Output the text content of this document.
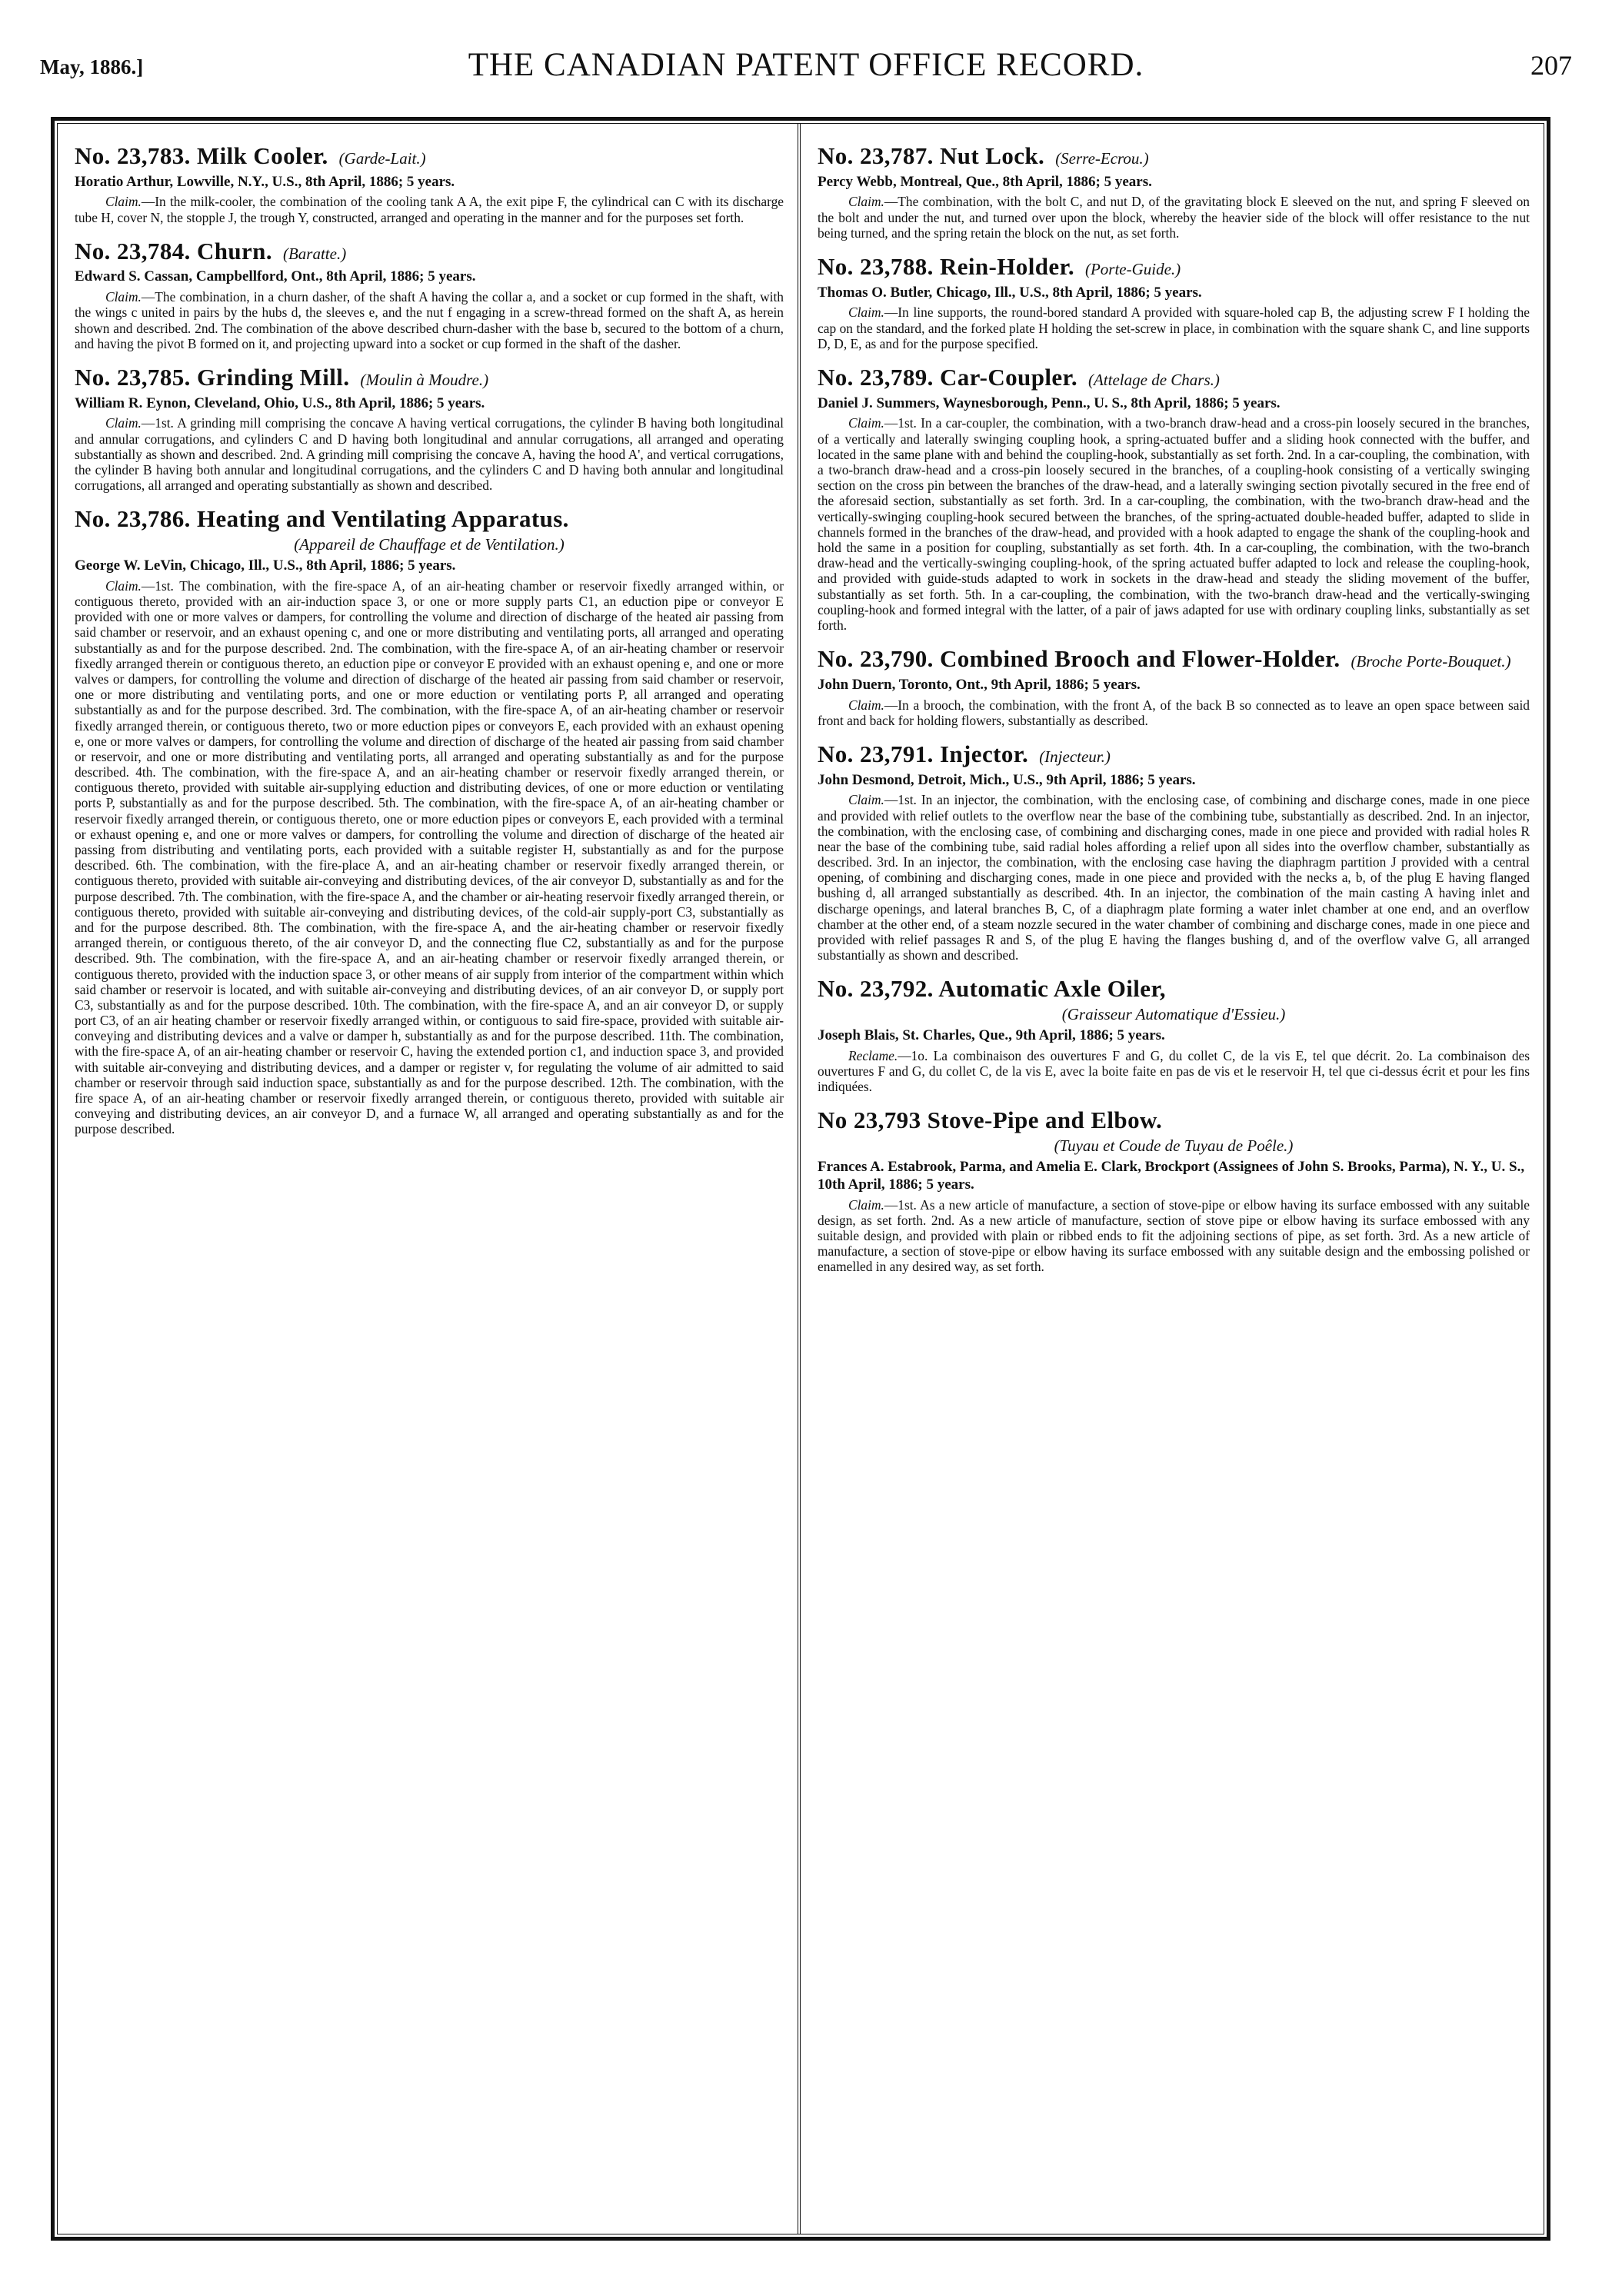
May, 1886.]	THE CANADIAN PATENT OFFICE RECORD.	207
No. 23,783. Milk Cooler. (Garde-Lait.)

Horatio Arthur, Lowville, N.Y., U.S., 8th April, 1886; 5 years.

Claim.—In the milk-cooler, the combination of the cooling tank A A, the exit pipe F, the cylindrical can C with its discharge tube H, cover N, the stopple J, the trough Y, constructed, arranged and operating in the manner and for the purposes set forth.

No. 23,784. Churn. (Baratte.)

Edward S. Cassan, Campbellford, Ont., 8th April, 1886; 5 years.

Claim.—The combination, in a churn dasher, of the shaft A having the collar a, and a socket or cup formed in the shaft, with the wings c united in pairs by the hubs d, the sleeves e, and the nut f engaging in a screw-thread formed on the shaft A, as herein shown and described. 2nd. The combination of the above described churn-dasher with the base b, secured to the bottom of a churn, and having the pivot B formed on it, and projecting upward into a socket or cup formed in the shaft of the dasher.

No. 23,785. Grinding Mill. (Moulin à Moudre.)

William R. Eynon, Cleveland, Ohio, U.S., 8th April, 1886; 5 years.

Claim.—1st. A grinding mill comprising the concave A having vertical corrugations, the cylinder B having both longitudinal and annular corrugations, and cylinders C and D having both longitudinal and annular corrugations, all arranged and operating substantially as shown and described. 2nd. A grinding mill comprising the concave A, having the hood A', and vertical corrugations, the cylinder B having both annular and longitudinal corrugations, and the cylinders C and D having both annular and longitudinal corrugations, all arranged and operating substantially as shown and described.

No. 23,786. Heating and Ventilating Apparatus.
(Appareil de Chauffage et de Ventilation.)

George W. LeVin, Chicago, Ill., U.S., 8th April, 1886; 5 years.

Claim.—1st. The combination, with the fire-space A, of an air-heating chamber or reservoir fixedly arranged within, or contiguous thereto, provided with an air-induction space 3, or one or more supply parts C1, an eduction pipe or conveyor E provided with one or more valves or dampers, for controlling the volume and direction of discharge of the heated air passing from said chamber or reservoir, and an exhaust opening c, and one or more distributing and ventilating ports, all arranged and operating substantially as and for the purpose described. 2nd. The combination, with the fire-space A, of an air-heating chamber or reservoir fixedly arranged therein or contiguous thereto, an eduction pipe or conveyor E provided with an exhaust opening e, and one or more valves or dampers, for controlling the volume and direction of discharge of the heated air passing from said chamber or reservoir, one or more distributing and ventilating ports, and one or more eduction or ventilating ports P, all arranged and operating substantially as and for the purpose described. 3rd. The combination, with the fire-space A, of an air-heating chamber or reservoir fixedly arranged therein, or contiguous thereto, two or more eduction pipes or conveyors E, each provided with an exhaust opening e, one or more valves or dampers, for controlling the volume and direction of discharge of the heated air passing from said chamber or reservoir, and one or more distributing and ventilating ports, all arranged and operating substantially as and for the purpose described. 4th. The combination, with the fire-space A, and an air-heating chamber or reservoir fixedly arranged therein, or contiguous thereto, provided with suitable air-supplying eduction and distributing devices, of one or more eduction or ventilating ports P, substantially as and for the purpose described. 5th. The combination, with the fire-space A, of an air-heating chamber or reservoir fixedly arranged therein, or contiguous thereto, one or more eduction pipes or conveyors E, each provided with a terminal or exhaust opening e, and one or more valves or dampers, for controlling the volume and direction of discharge of the heated air passing from distributing and ventilating ports, each provided with a suitable register H, substantially as and for the purpose described. 6th. The combination, with the fire-place A, and an air-heating chamber or reservoir fixedly arranged therein, or contiguous thereto, provided with suitable air-conveying and distributing devices, of the air conveyor D, substantially as and for the purpose described. 7th. The combination, with the fire-space A, and the chamber or air-heating reservoir fixedly arranged therein, or contiguous thereto, provided with suitable air-conveying and distributing devices, of the cold-air supply-port C3, substantially as and for the purpose described. 8th. The combination, with the fire-space A, and the air-heating chamber or reservoir fixedly arranged therein, or contiguous thereto, of the air conveyor D, and the connecting flue C2, substantially as and for the purpose described. 9th. The combination, with the fire-space A, and an air-heating chamber or reservoir fixedly arranged therein, or contiguous thereto, provided with the induction space 3, or other means of air supply from interior of the compartment within which said chamber or reservoir is located, and with suitable air-conveying and distributing devices, of an air conveyor D, or supply port C3, substantially as and for the purpose described. 10th. The combination, with the fire-space A, and an air conveyor D, or supply port C3, of an air heating chamber or reservoir fixedly arranged within, or contiguous to said fire-space, provided with suitable air-conveying and distributing devices and a valve or damper h, substantially as and for the purpose described. 11th. The combination, with the fire-space A, of an air-heating chamber or reservoir C, having the extended portion c1, and induction space 3, and provided with suitable air-conveying and distributing devices, and a damper or register v, for regulating the volume of air admitted to said chamber or reservoir through said induction space, substantially as and for the purpose described. 12th. The combination, with the fire space A, of an air-heating chamber or reservoir fixedly arranged therein, or contiguous thereto, provided with suitable air conveying and distributing devices, an air conveyor D, and a furnace W, all arranged and operating substantially as and for the purpose described.

No. 23,787. Nut Lock. (Serre-Ecrou.)

Percy Webb, Montreal, Que., 8th April, 1886; 5 years.

Claim.—The combination, with the bolt C, and nut D, of the gravitating block E sleeved on the nut, and spring F sleeved on the bolt and under the nut, and turned over upon the block, whereby the heavier side of the block will offer resistance to the nut being turned, and the spring retain the block on the nut, as set forth.

No. 23,788. Rein-Holder. (Porte-Guide.)

Thomas O. Butler, Chicago, Ill., U.S., 8th April, 1886; 5 years.

Claim.—In line supports, the round-bored standard A provided with square-holed cap B, the adjusting screw F I holding the cap on the standard, and the forked plate H holding the set-screw in place, in combination with the square shank C, and line supports D, D, E, as and for the purpose specified.

No. 23,789. Car-Coupler. (Attelage de Chars.)

Daniel J. Summers, Waynesborough, Penn., U. S., 8th April, 1886; 5 years.

Claim.—1st. In a car-coupler, the combination, with a two-branch draw-head and a cross-pin loosely secured in the branches, of a vertically and laterally swinging coupling hook, a spring-actuated buffer and a sliding hook connected with the buffer, and located in the same plane with and behind the coupling-hook, substantially as set forth. 2nd. In a car-coupling, the combination, with a two-branch draw-head and a cross-pin loosely secured in the branches, of a coupling-hook consisting of a vertically swinging section on the cross pin between the branches of the draw-head, and a laterally swinging section pivotally secured in the free end of the aforesaid section, substantially as set forth. 3rd. In a car-coupling, the combination, with the two-branch draw-head and the vertically-swinging coupling-hook secured between the branches, of the spring-actuated double-headed buffer, adapted to slide in channels formed in the branches of the draw-head, and provided with a hook adapted to engage the shank of the coupling-hook and hold the same in a position for coupling, substantially as set forth. 4th. In a car-coupling, the combination, with the two-branch draw-head and the vertically-swinging coupling-hook, of the spring actuated buffer adapted to lock and release the coupling-hook, and provided with guide-studs adapted to work in sockets in the draw-head and steady the sliding movement of the buffer, substantially as set forth. 5th. In a car-coupling, the combination, with the two-branch draw-head and the vertically-swinging coupling-hook and formed integral with the latter, of a pair of jaws adapted for use with ordinary coupling links, substantially as set forth.

No. 23,790. Combined Brooch and Flower-Holder. (Broche Porte-Bouquet.)

John Duern, Toronto, Ont., 9th April, 1886; 5 years.

Claim.—In a brooch, the combination, with the front A, of the back B so connected as to leave an open space between said front and back for holding flowers, substantially as described.

No. 23,791. Injector. (Injecteur.)

John Desmond, Detroit, Mich., U.S., 9th April, 1886; 5 years.

Claim.—1st. In an injector, the combination, with the enclosing case, of combining and discharge cones, made in one piece and provided with relief outlets to the overflow near the base of the combining tube, substantially as described. 2nd. In an injector, the combination, with the enclosing case, of combining and discharging cones, made in one piece and provided with radial holes R near the base of the combining tube, said radial holes affording a relief upon all sides into the overflow chamber, substantially as described. 3rd. In an injector, the combination, with the enclosing case having the diaphragm partition J provided with a central opening, of combining and discharging cones, made in one piece and provided with the necks a, b, of the plug E having flanged bushing d, all arranged substantially as described. 4th. In an injector, the combination of the main casting A having inlet and discharge openings, and lateral branches B, C, of a diaphragm plate forming a water inlet chamber at one end, and an overflow chamber at the other end, of a steam nozzle secured in the water chamber of combining and discharge cones, made in one piece and provided with relief passages R and S, of the plug E having the flanges bushing d, and of the overflow valve G, all arranged substantially as shown and described.

No. 23,792. Automatic Axle Oiler,
(Graisseur Automatique d'Essieu.)

Joseph Blais, St. Charles, Que., 9th April, 1886; 5 years.

Reclame.—1o. La combinaison des ouvertures F and G, du collet C, de la vis E, tel que décrit. 2o. La combinaison des ouvertures F and G, du collet C, de la vis E, avec la boite faite en pas de vis et le reservoir H, tel que ci-dessus écrit et pour les fins indiquées.

No 23,793 Stove-Pipe and Elbow.
(Tuyau et Coude de Tuyau de Poêle.)

Frances A. Estabrook, Parma, and Amelia E. Clark, Brockport (Assignees of John S. Brooks, Parma), N. Y., U. S., 10th April, 1886; 5 years.

Claim.—1st. As a new article of manufacture, a section of stove-pipe or elbow having its surface embossed with any suitable design, as set forth. 2nd. As a new article of manufacture, section of stove pipe or elbow having its surface embossed with any suitable design, and provided with plain or ribbed ends to fit the adjoining sections of pipe, as set forth. 3rd. As a new article of manufacture, a section of stove-pipe or elbow having its surface embossed with any suitable design and the embossing polished or enamelled in any desired way, as set forth.
